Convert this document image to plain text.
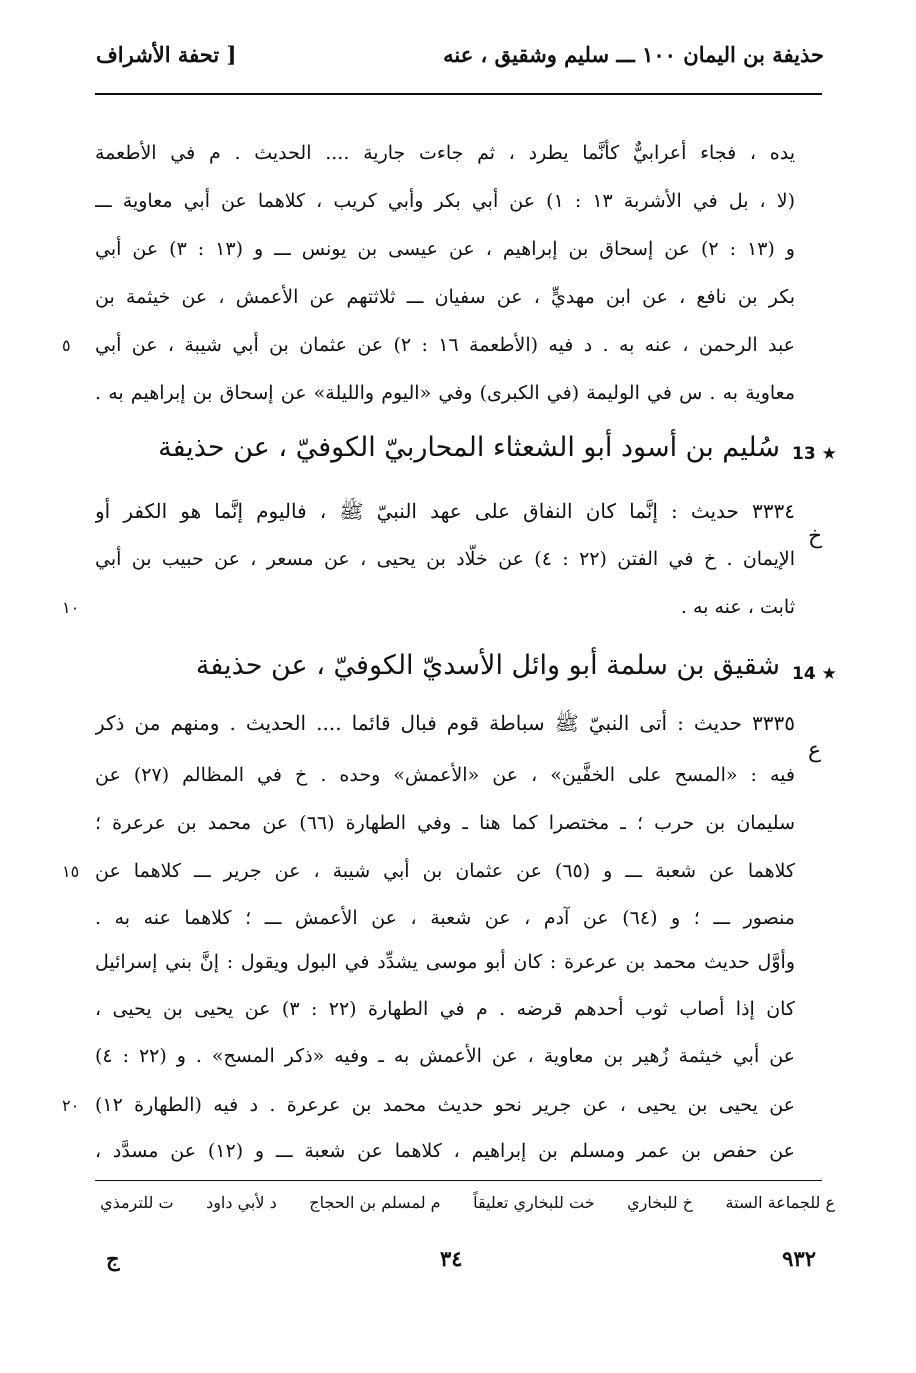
حذيفة بن اليمان ١٠٠ ـــ سليم وشقيق ، عنه
[ تحفة الأشراف
يده ، فجاء أعرابيٌّ كأنَّما يطرد ، ثم جاءت جارية .... الحديث . م في الأطعمة
(لا ، بل في الأشربة ١٣ : ١) عن أبي بكر وأبي كريب ، كلاهما عن أبي معاوية ـــ
و (١٣ : ٢) عن إسحاق بن إبراهيم ، عن عيسى بن يونس ـــ و (١٣ : ٣) عن أبي
بكر بن نافع ، عن ابن مهديٍّ ، عن سفيان ـــ ثلاثتهم عن الأعمش ، عن خيثمة بن
عبد الرحمن ، عنه به . د فيه (الأطعمة ١٦ : ٢) عن عثمان بن أبي شيبة ، عن أبي
معاوية به . س في الوليمة (في الكبرى) وفي «اليوم والليلة» عن إسحاق بن إبراهيم به .
٥
13 ★
سُليم بن أسود أبو الشعثاء المحاربيّ الكوفيّ ، عن حذيفة
٣٣٣٤ حديث : إنَّما كان النفاق على عهد النبيّ ﷺ ، فاليوم إنَّما هو الكفر أو
الإيمان . خ في الفتن (٢٢ : ٤) عن خلَّاد بن يحيى ، عن مسعر ، عن حبيب بن أبي
ثابت ، عنه به .
خ
١٠
14 ★
شقيق بن سلمة أبو وائل الأسديّ الكوفيّ ، عن حذيفة
٣٣٣٥ حديث : أتى النبيّ ﷺ سباطة قوم فبال قائما .... الحديث . ومنهم من ذكر
فيه : «المسح على الخفَّين» ، عن «الأعمش» وحده . خ في المظالم (٢٧) عن
سليمان بن حرب ؛ ـ مختصرا كما هنا ـ وفي الطهارة (٦٦) عن محمد بن عرعرة ؛
كلاهما عن شعبة ـــ و (٦٥) عن عثمان بن أبي شيبة ، عن جرير ـــ كلاهما عن
منصور ـــ ؛ و (٦٤) عن آدم ، عن شعبة ، عن الأعمش ـــ ؛ كلاهما عنه به .
وأوَّل حديث محمد بن عرعرة : كان أبو موسى يشدِّد في البول ويقول : إنَّ بني إسرائيل
كان إذا أصاب ثوب أحدهم قرضه . م في الطهارة (٢٢ : ٣) عن يحيى بن يحيى ،
عن أبي خيثمة زُهير بن معاوية ، عن الأعمش به ـ وفيه «ذكر المسح» . و (٢٢ : ٤)
عن يحيى بن يحيى ، عن جرير نحو حديث محمد بن عرعرة . د فيه (الطهارة ١٢)
عن حفص بن عمر ومسلم بن إبراهيم ، كلاهما عن شعبة ـــ و (١٢) عن مسدَّد ،
ع
١٥
٢٠
ع للجماعة الستة
خ للبخاري
خت للبخاري تعليقاً
م لمسلم بن الحجاج
د لأبي داود
ت للترمذي
٩٣٢
٣٤
ج
